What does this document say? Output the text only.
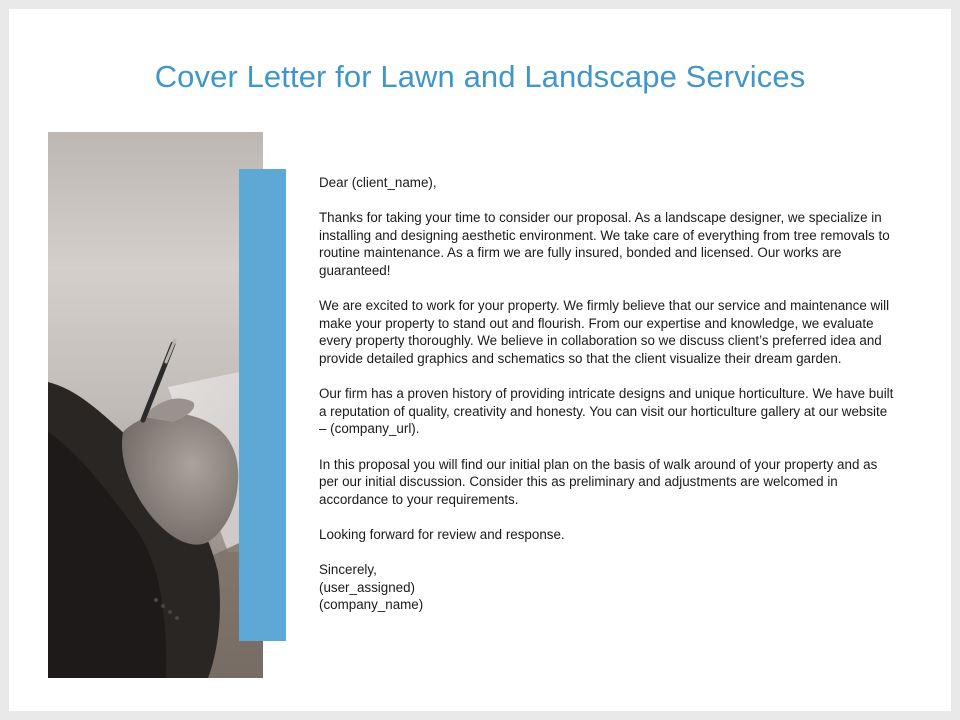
Cover Letter for Lawn and Landscape Services

Dear (client_name),

Thanks for taking your time to consider our proposal. As a landscape designer, we specialize in installing and designing aesthetic environment. We take care of everything from tree removals to routine maintenance. As a firm we are fully insured, bonded and licensed. Our works are guaranteed!

We are excited to work for your property. We firmly believe that our service and maintenance will make your property to stand out and flourish. From our expertise and knowledge, we evaluate every property thoroughly. We believe in collaboration so we discuss client’s preferred idea and provide detailed graphics and schematics so that the client visualize their dream garden.

Our firm has a proven history of providing intricate designs and unique horticulture. We have built a reputation of quality, creativity and honesty. You can visit our horticulture gallery at our website – (company_url).

In this proposal you will find our initial plan on the basis of walk around of your property and as per our initial discussion. Consider this as preliminary and adjustments are welcomed in accordance to your requirements.

Looking forward for review and response.

Sincerely,
(user_assigned)
(company_name)
